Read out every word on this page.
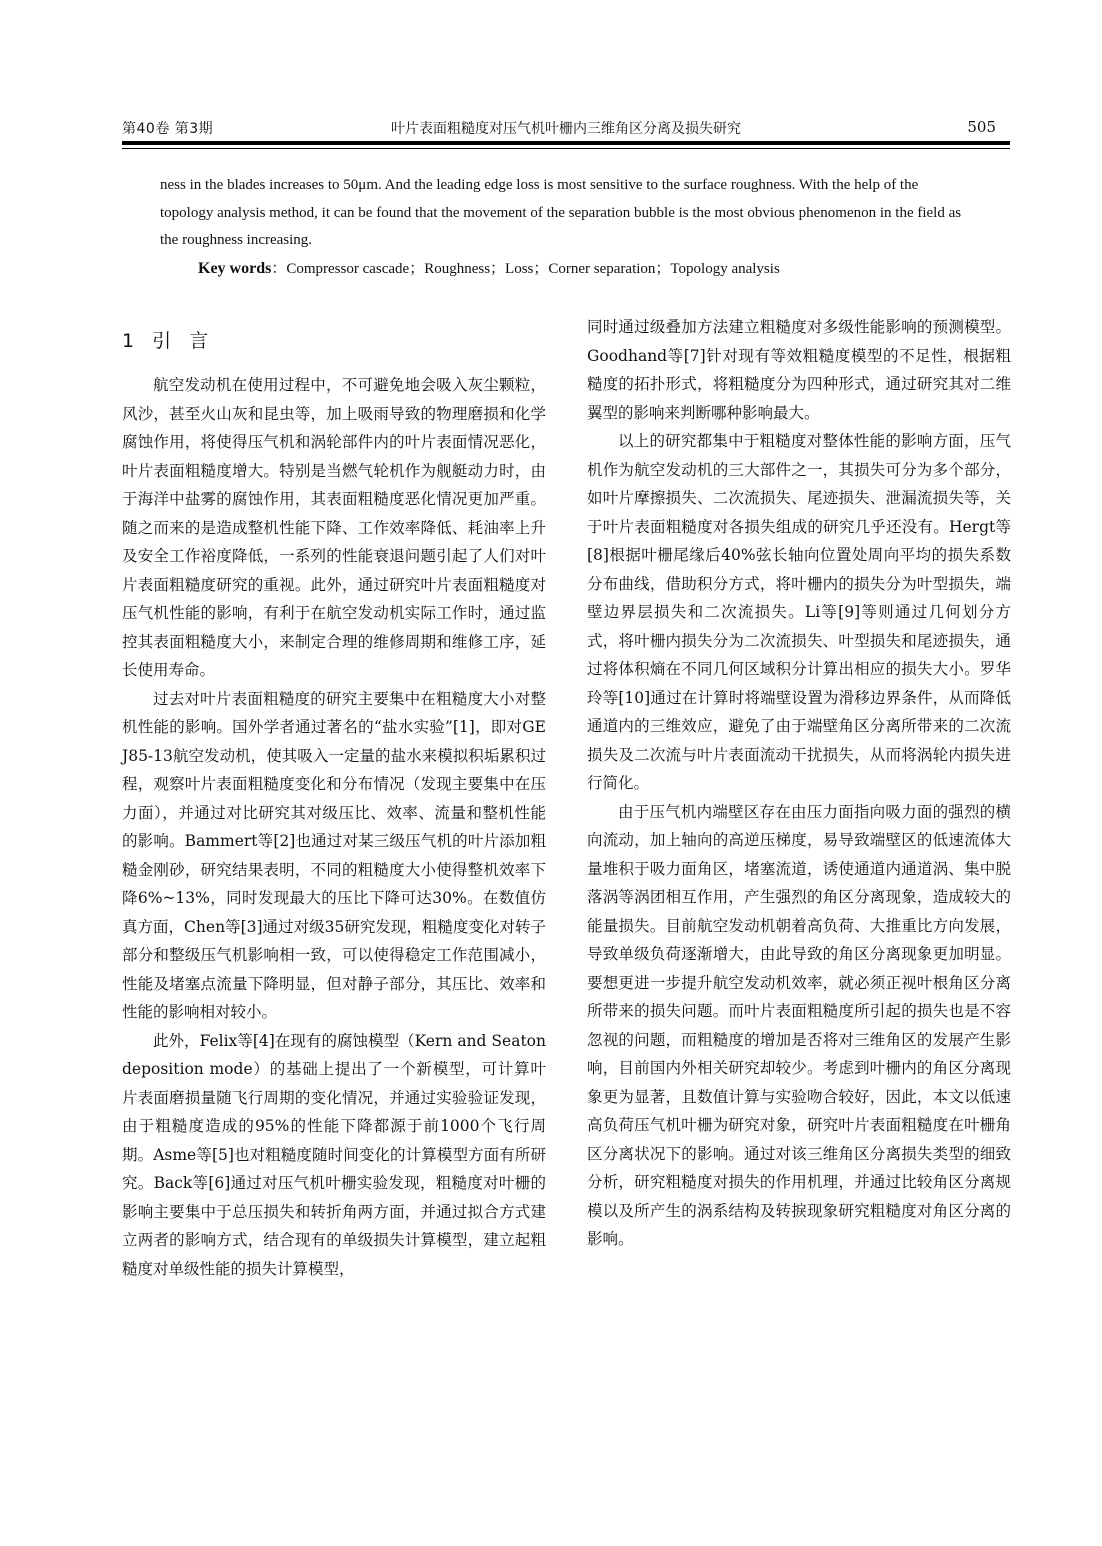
第40卷 第3期	叶片表面粗糙度对压气机叶栅内三维角区分离及损失研究	505

ness in the blades increases to 50μm. And the leading edge loss is most sensitive to the surface roughness. With the help of the topology analysis method, it can be found that the movement of the separation bubble is the most obvious phenomenon in the field as the roughness increasing.

Key words：Compressor cascade；Roughness；Loss；Corner separation；Topology analysis

1 引 言

航空发动机在使用过程中，不可避免地会吸入灰尘颗粒，风沙，甚至火山灰和昆虫等，加上吸雨导致的物理磨损和化学腐蚀作用，将使得压气机和涡轮部件内的叶片表面情况恶化，叶片表面粗糙度增大。特别是当燃气轮机作为舰艇动力时，由于海洋中盐雾的腐蚀作用，其表面粗糙度恶化情况更加严重。随之而来的是造成整机性能下降、工作效率降低、耗油率上升及安全工作裕度降低，一系列的性能衰退问题引起了人们对叶片表面粗糙度研究的重视。此外，通过研究叶片表面粗糙度对压气机性能的影响，有利于在航空发动机实际工作时，通过监控其表面粗糙度大小，来制定合理的维修周期和维修工序，延长使用寿命。

过去对叶片表面粗糙度的研究主要集中在粗糙度大小对整机性能的影响。国外学者通过著名的“盐水实验”[1]，即对GE J85-13航空发动机，使其吸入一定量的盐水来模拟积垢累积过程，观察叶片表面粗糙度变化和分布情况（发现主要集中在压力面），并通过对比研究其对级压比、效率、流量和整机性能的影响。Bammert等[2]也通过对某三级压气机的叶片添加粗糙金刚砂，研究结果表明，不同的粗糙度大小使得整机效率下降6%~13%，同时发现最大的压比下降可达30%。在数值仿真方面，Chen等[3]通过对级35研究发现，粗糙度变化对转子部分和整级压气机影响相一致，可以使得稳定工作范围减小，性能及堵塞点流量下降明显，但对静子部分，其压比、效率和性能的影响相对较小。

此外，Felix等[4]在现有的腐蚀模型（Kern and Seaton deposition mode）的基础上提出了一个新模型，可计算叶片表面磨损量随飞行周期的变化情况，并通过实验验证发现，由于粗糙度造成的95%的性能下降都源于前1000个飞行周期。Asme等[5]也对粗糙度随时间变化的计算模型方面有所研究。Back等[6]通过对压气机叶栅实验发现，粗糙度对叶栅的影响主要集中于总压损失和转折角两方面，并通过拟合方式建立两者的影响方式，结合现有的单级损失计算模型，建立起粗糙度对单级性能的损失计算模型，

同时通过级叠加方法建立粗糙度对多级性能影响的预测模型。Goodhand等[7]针对现有等效粗糙度模型的不足性，根据粗糙度的拓扑形式，将粗糙度分为四种形式，通过研究其对二维翼型的影响来判断哪种影响最大。

以上的研究都集中于粗糙度对整体性能的影响方面，压气机作为航空发动机的三大部件之一，其损失可分为多个部分，如叶片摩擦损失、二次流损失、尾迹损失、泄漏流损失等，关于叶片表面粗糙度对各损失组成的研究几乎还没有。Hergt等[8]根据叶栅尾缘后40%弦长轴向位置处周向平均的损失系数分布曲线，借助积分方式，将叶栅内的损失分为叶型损失，端壁边界层损失和二次流损失。Li等[9]等则通过几何划分方式，将叶栅内损失分为二次流损失、叶型损失和尾迹损失，通过将体积熵在不同几何区域积分计算出相应的损失大小。罗华玲等[10]通过在计算时将端壁设置为滑移边界条件，从而降低通道内的三维效应，避免了由于端壁角区分离所带来的二次流损失及二次流与叶片表面流动干扰损失，从而将涡轮内损失进行简化。

由于压气机内端壁区存在由压力面指向吸力面的强烈的横向流动，加上轴向的高逆压梯度，易导致端壁区的低速流体大量堆积于吸力面角区，堵塞流道，诱使通道内通道涡、集中脱落涡等涡团相互作用，产生强烈的角区分离现象，造成较大的能量损失。目前航空发动机朝着高负荷、大推重比方向发展，导致单级负荷逐渐增大，由此导致的角区分离现象更加明显。要想更进一步提升航空发动机效率，就必须正视叶根角区分离所带来的损失问题。而叶片表面粗糙度所引起的损失也是不容忽视的问题，而粗糙度的增加是否将对三维角区的发展产生影响，目前国内外相关研究却较少。考虑到叶栅内的角区分离现象更为显著，且数值计算与实验吻合较好，因此，本文以低速高负荷压气机叶栅为研究对象，研究叶片表面粗糙度在叶栅角区分离状况下的影响。通过对该三维角区分离损失类型的细致分析，研究粗糙度对损失的作用机理，并通过比较角区分离规模以及所产生的涡系结构及转捩现象研究粗糙度对角区分离的影响。
